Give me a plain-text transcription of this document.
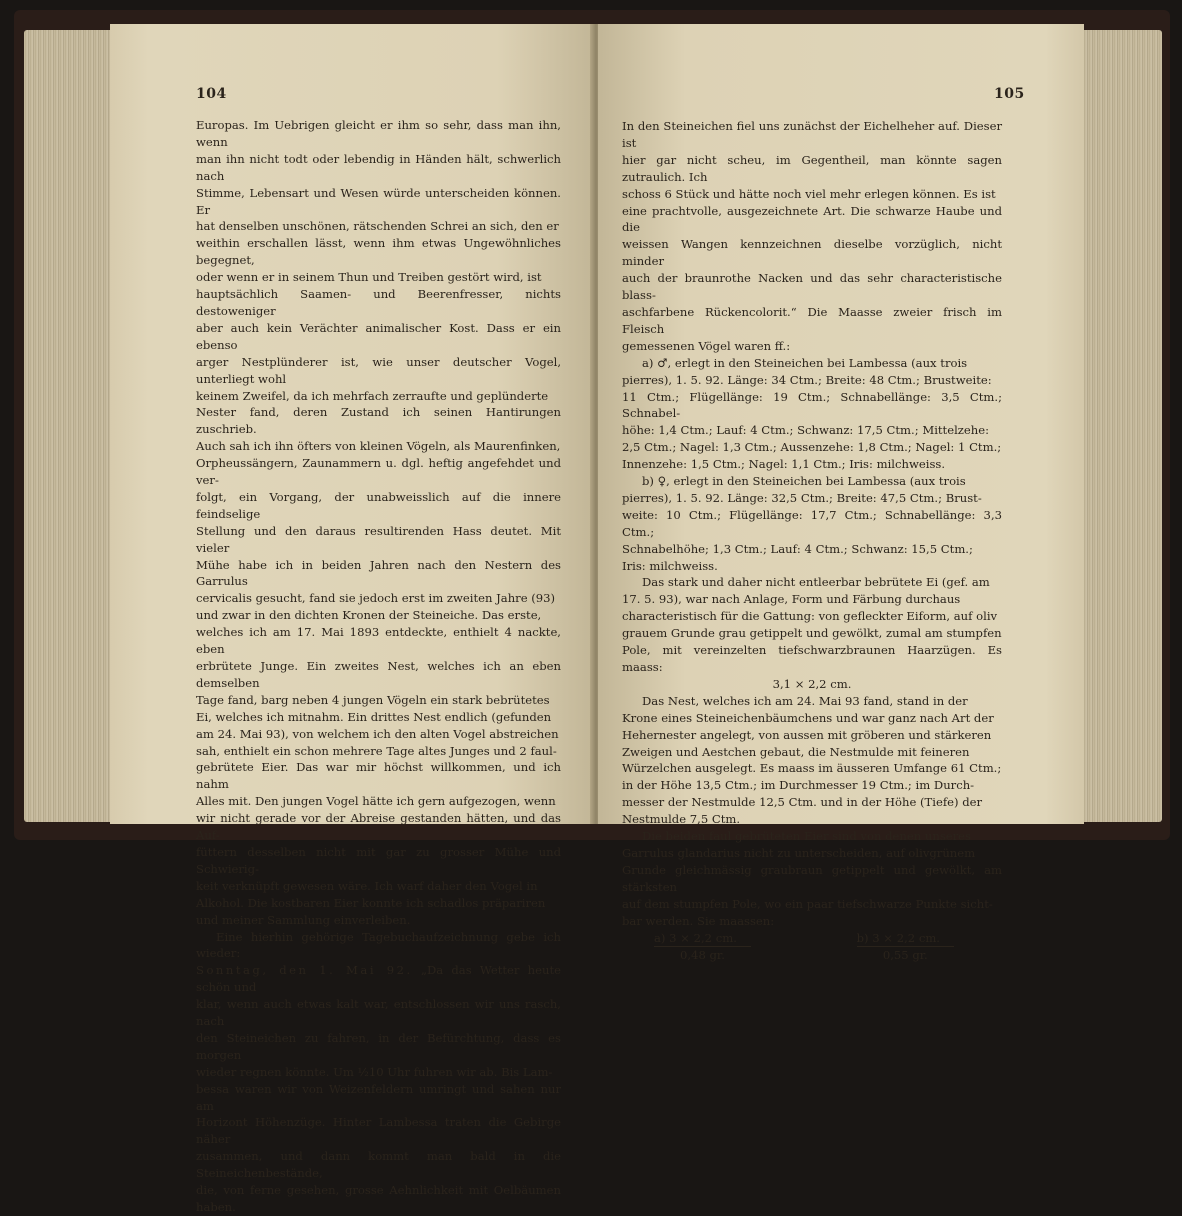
104

Europas. Im Uebrigen gleicht er ihm so sehr, dass man ihn, wenn
man ihn nicht todt oder lebendig in Händen hält, schwerlich nach
Stimme, Lebensart und Wesen würde unterscheiden können. Er
hat denselben unschönen, rätschenden Schrei an sich, den er
weithin erschallen lässt, wenn ihm etwas Ungewöhnliches begegnet,
oder wenn er in seinem Thun und Treiben gestört wird, ist
hauptsächlich Saamen- und Beerenfresser, nichts destoweniger
aber auch kein Verächter animalischer Kost. Dass er ein ebenso
arger Nestplünderer ist, wie unser deutscher Vogel, unterliegt wohl
keinem Zweifel, da ich mehrfach zerraufte und geplünderte
Nester fand, deren Zustand ich seinen Hantirungen zuschrieb.
Auch sah ich ihn öfters von kleinen Vögeln, als Maurenfinken,
Orpheussängern, Zaunammern u. dgl. heftig angefehdet und ver-
folgt, ein Vorgang, der unabweisslich auf die innere feindselige
Stellung und den daraus resultirenden Hass deutet. Mit vieler
Mühe habe ich in beiden Jahren nach den Nestern des Garrulus
cervicalis gesucht, fand sie jedoch erst im zweiten Jahre (93)
und zwar in den dichten Kronen der Steineiche. Das erste,
welches ich am 17. Mai 1893 entdeckte, enthielt 4 nackte, eben
erbrütete Junge. Ein zweites Nest, welches ich an eben demselben
Tage fand, barg neben 4 jungen Vögeln ein stark bebrütetes
Ei, welches ich mitnahm. Ein drittes Nest endlich (gefunden
am 24. Mai 93), von welchem ich den alten Vogel abstreichen
sah, enthielt ein schon mehrere Tage altes Junges und 2 faul-
gebrütete Eier. Das war mir höchst willkommen, und ich nahm
Alles mit. Den jungen Vogel hätte ich gern aufgezogen, wenn
wir nicht gerade vor der Abreise gestanden hätten, und das Auf-
füttern desselben nicht mit gar zu grosser Mühe und Schwierig-
keit verknüpft gewesen wäre. Ich warf daher den Vogel in
Alkohol. Die kostbaren Eier konnte ich schadlos präpariren
und meiner Sammlung einverleiben.

Eine hierhin gehörige Tagebuchaufzeichnung gebe ich wieder:

Sonntag, den 1. Mai 92. „Da das Wetter heute schön und
klar, wenn auch etwas kalt war, entschlossen wir uns rasch, nach
den Steineichen zu fahren, in der Befürchtung, dass es morgen
wieder regnen könnte. Um ½10 Uhr fuhren wir ab. Bis Lam-
bessa waren wir von Weizenfeldern umringt und sahen nur am
Horizont Höhenzüge. Hinter Lambessa traten die Gebirge näher
zusammen, und dann kommt man bald in die Steineichenbestände,
die, von ferne gesehen, grosse Aehnlichkeit mit Oelbäumen haben.

105

In den Steineichen fiel uns zunächst der Eichelheher auf. Dieser ist
hier gar nicht scheu, im Gegentheil, man könnte sagen zutraulich. Ich
schoss 6 Stück und hätte noch viel mehr erlegen können. Es ist
eine prachtvolle, ausgezeichnete Art. Die schwarze Haube und die
weissen Wangen kennzeichnen dieselbe vorzüglich, nicht minder
auch der braunrothe Nacken und das sehr characteristische blass-
aschfarbene Rückencolorit.“ Die Maasse zweier frisch im Fleisch
gemessenen Vögel waren ff.:

a) ♂, erlegt in den Steineichen bei Lambessa (aux trois
pierres), 1. 5. 92. Länge: 34 Ctm.; Breite: 48 Ctm.; Brustweite:
11 Ctm.; Flügellänge: 19 Ctm.; Schnabellänge: 3,5 Ctm.; Schnabel-
höhe: 1,4 Ctm.; Lauf: 4 Ctm.; Schwanz: 17,5 Ctm.; Mittelzehe:
2,5 Ctm.; Nagel: 1,3 Ctm.; Aussenzehe: 1,8 Ctm.; Nagel: 1 Ctm.;
Innenzehe: 1,5 Ctm.; Nagel: 1,1 Ctm.; Iris: milchweiss.

b) ♀, erlegt in den Steineichen bei Lambessa (aux trois
pierres), 1. 5. 92. Länge: 32,5 Ctm.; Breite: 47,5 Ctm.; Brust-
weite: 10 Ctm.; Flügellänge: 17,7 Ctm.; Schnabellänge: 3,3 Ctm.;
Schnabelhöhe; 1,3 Ctm.; Lauf: 4 Ctm.; Schwanz: 15,5 Ctm.;
Iris: milchweiss.

Das stark und daher nicht entleerbar bebrütete Ei (gef. am
17. 5. 93), war nach Anlage, Form und Färbung durchaus
characteristisch für die Gattung: von gefleckter Eiform, auf oliv
grauem Grunde grau getippelt und gewölkt, zumal am stumpfen
Pole, mit vereinzelten tiefschwarzbraunen Haarzügen. Es maass:

3,1 × 2,2 cm.

Das Nest, welches ich am 24. Mai 93 fand, stand in der
Krone eines Steineichenbäumchens und war ganz nach Art der
Hehernester angelegt, von aussen mit gröberen und stärkeren
Zweigen und Aestchen gebaut, die Nestmulde mit feineren
Würzelchen ausgelegt. Es maass im äusseren Umfange 61 Ctm.;
in der Höhe 13,5 Ctm.; im Durchmesser 19 Ctm.; im Durch-
messer der Nestmulde 12,5 Ctm. und in der Höhe (Tiefe) der
Nestmulde 7,5 Ctm.

Die beiden faul gebrüteten Eier sind von denen unseres
Garrulus glandarius nicht zu unterscheiden, auf olivgrünem
Grunde gleichmässig graubraun getippelt und gewölkt, am stärksten
auf dem stumpfen Pole, wo ein paar tiefschwarze Punkte sicht-
bar werden. Sie maassen:

$\frac{a) 3 \times 2,2 cm.}{0,48 gr.}$	$\frac{b) 3 \times 2,2 cm.}{0,55 gr.}$
